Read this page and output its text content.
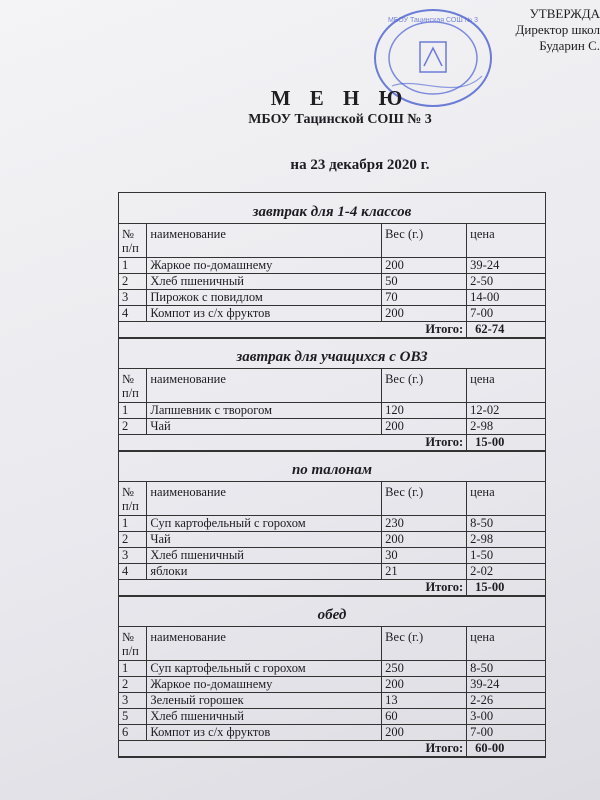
УТВЕРЖДА
Директор школ
Бударин С.
МБОУ Тацинская СОШ № 3
М Е Н Ю
МБОУ Тацинской СОШ № 3
на 23 декабря 2020 г.
завтрак для 1-4 классов
№ п/п	наименование	Вес (г.)	цена
1	Жаркое по-домашнему	200	39-24
2	Хлеб пшеничный	50	2-50
3	Пирожок с повидлом	70	14-00
4	Компот из с/х фруктов	200	7-00
Итого:			62-74
завтрак для учащихся с ОВЗ
№ п/п	наименование	Вес (г.)	цена
1	Лапшевник с творогом	120	12-02
2	Чай	200	2-98
Итого:			15-00
по талонам
№ п/п	наименование	Вес (г.)	цена
1	Суп картофельный с горохом	230	8-50
2	Чай	200	2-98
3	Хлеб пшеничный	30	1-50
4	яблоки	21	2-02
Итого:			15-00
обед
№ п/п	наименование	Вес (г.)	цена
1	Суп картофельный с горохом	250	8-50
2	Жаркое по-домашнему	200	39-24
3	Зеленый горошек	13	2-26
5	Хлеб пшеничный	60	3-00
6	Компот из с/х фруктов	200	7-00
Итого:			60-00
